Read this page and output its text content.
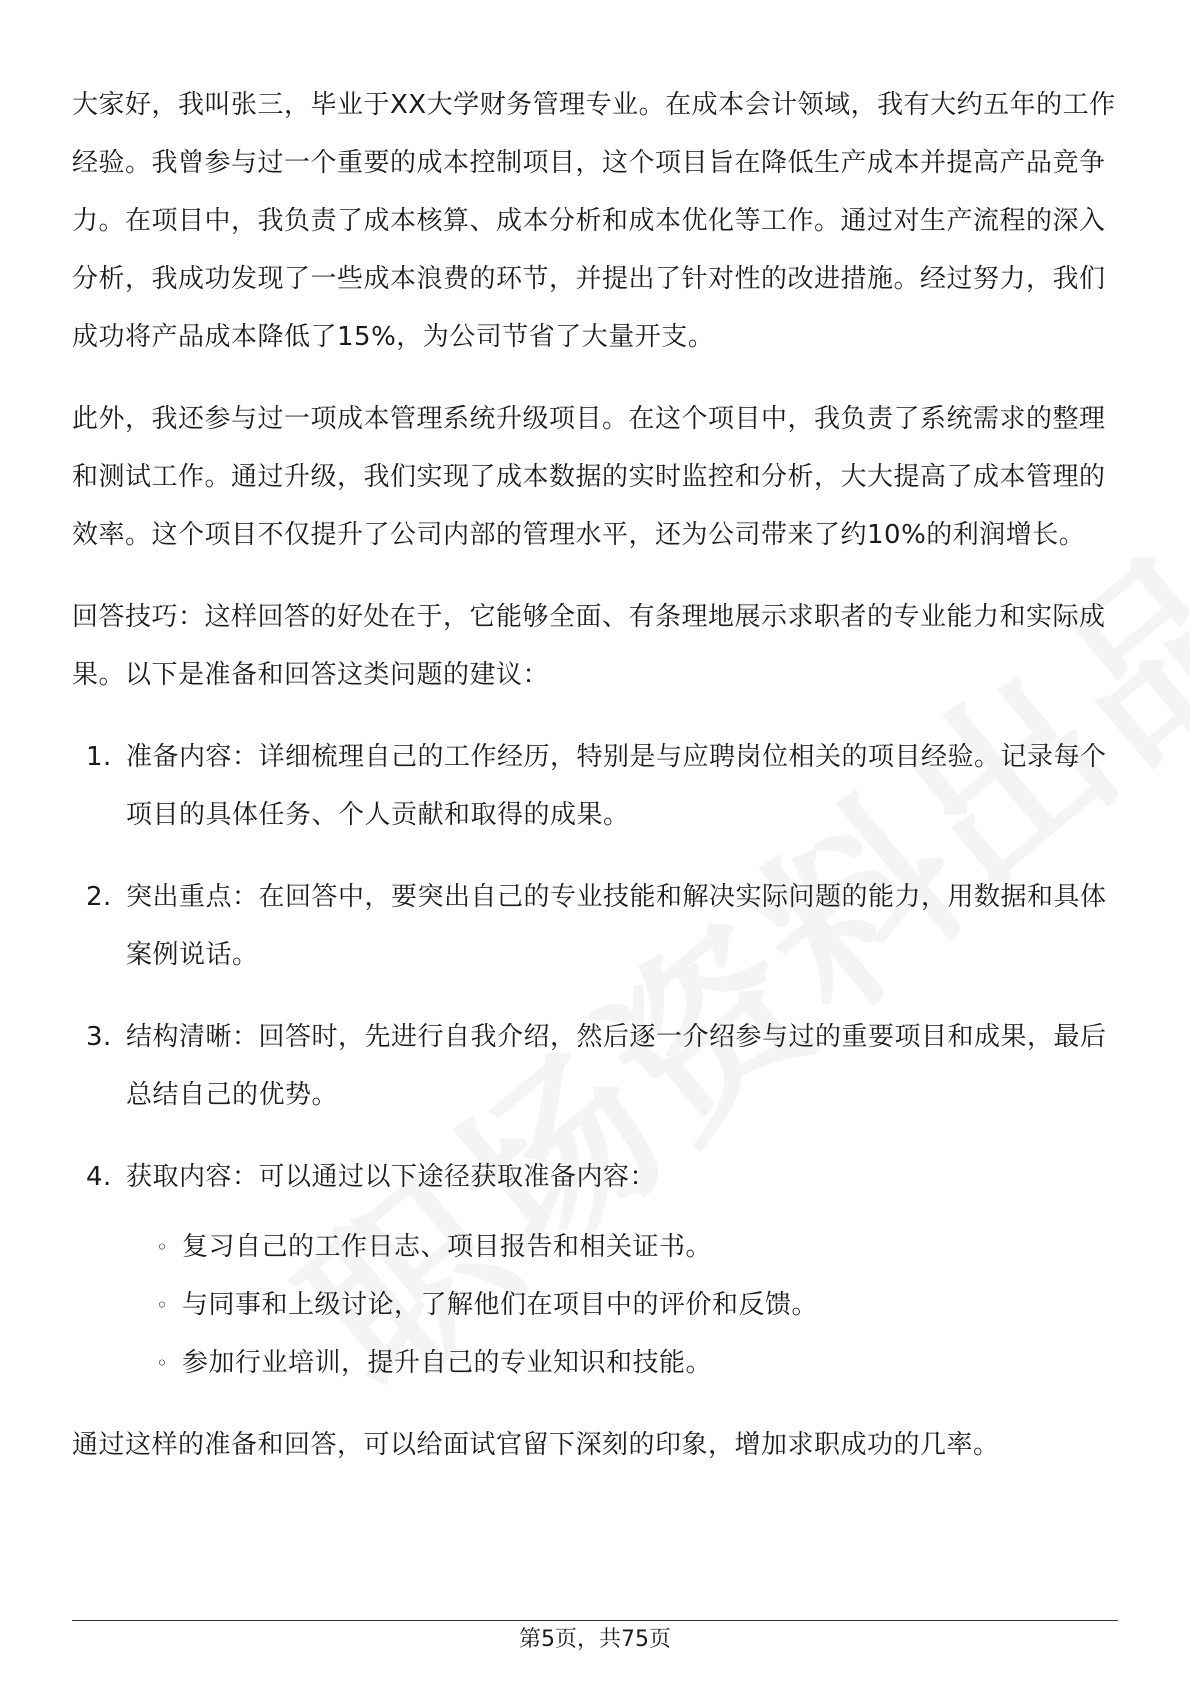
大家好，我叫张三，毕业于XX大学财务管理专业。在成本会计领域，我有大约五年的工作经验。我曾参与过一个重要的成本控制项目，这个项目旨在降低生产成本并提高产品竞争力。在项目中，我负责了成本核算、成本分析和成本优化等工作。通过对生产流程的深入分析，我成功发现了一些成本浪费的环节，并提出了针对性的改进措施。经过努力，我们成功将产品成本降低了15%，为公司节省了大量开支。

此外，我还参与过一项成本管理系统升级项目。在这个项目中，我负责了系统需求的整理和测试工作。通过升级，我们实现了成本数据的实时监控和分析，大大提高了成本管理的效率。这个项目不仅提升了公司内部的管理水平，还为公司带来了约10%的利润增长。

回答技巧：这样回答的好处在于，它能够全面、有条理地展示求职者的专业能力和实际成果。以下是准备和回答这类问题的建议：

1. 准备内容：详细梳理自己的工作经历，特别是与应聘岗位相关的项目经验。记录每个项目的具体任务、个人贡献和取得的成果。
2. 突出重点：在回答中，要突出自己的专业技能和解决实际问题的能力，用数据和具体案例说话。
3. 结构清晰：回答时，先进行自我介绍，然后逐一介绍参与过的重要项目和成果，最后总结自己的优势。
4. 获取内容：可以通过以下途径获取准备内容：
◦ 复习自己的工作日志、项目报告和相关证书。
◦ 与同事和上级讨论，了解他们在项目中的评价和反馈。
◦ 参加行业培训，提升自己的专业知识和技能。

通过这样的准备和回答，可以给面试官留下深刻的印象，增加求职成功的几率。

第5页，共75页
